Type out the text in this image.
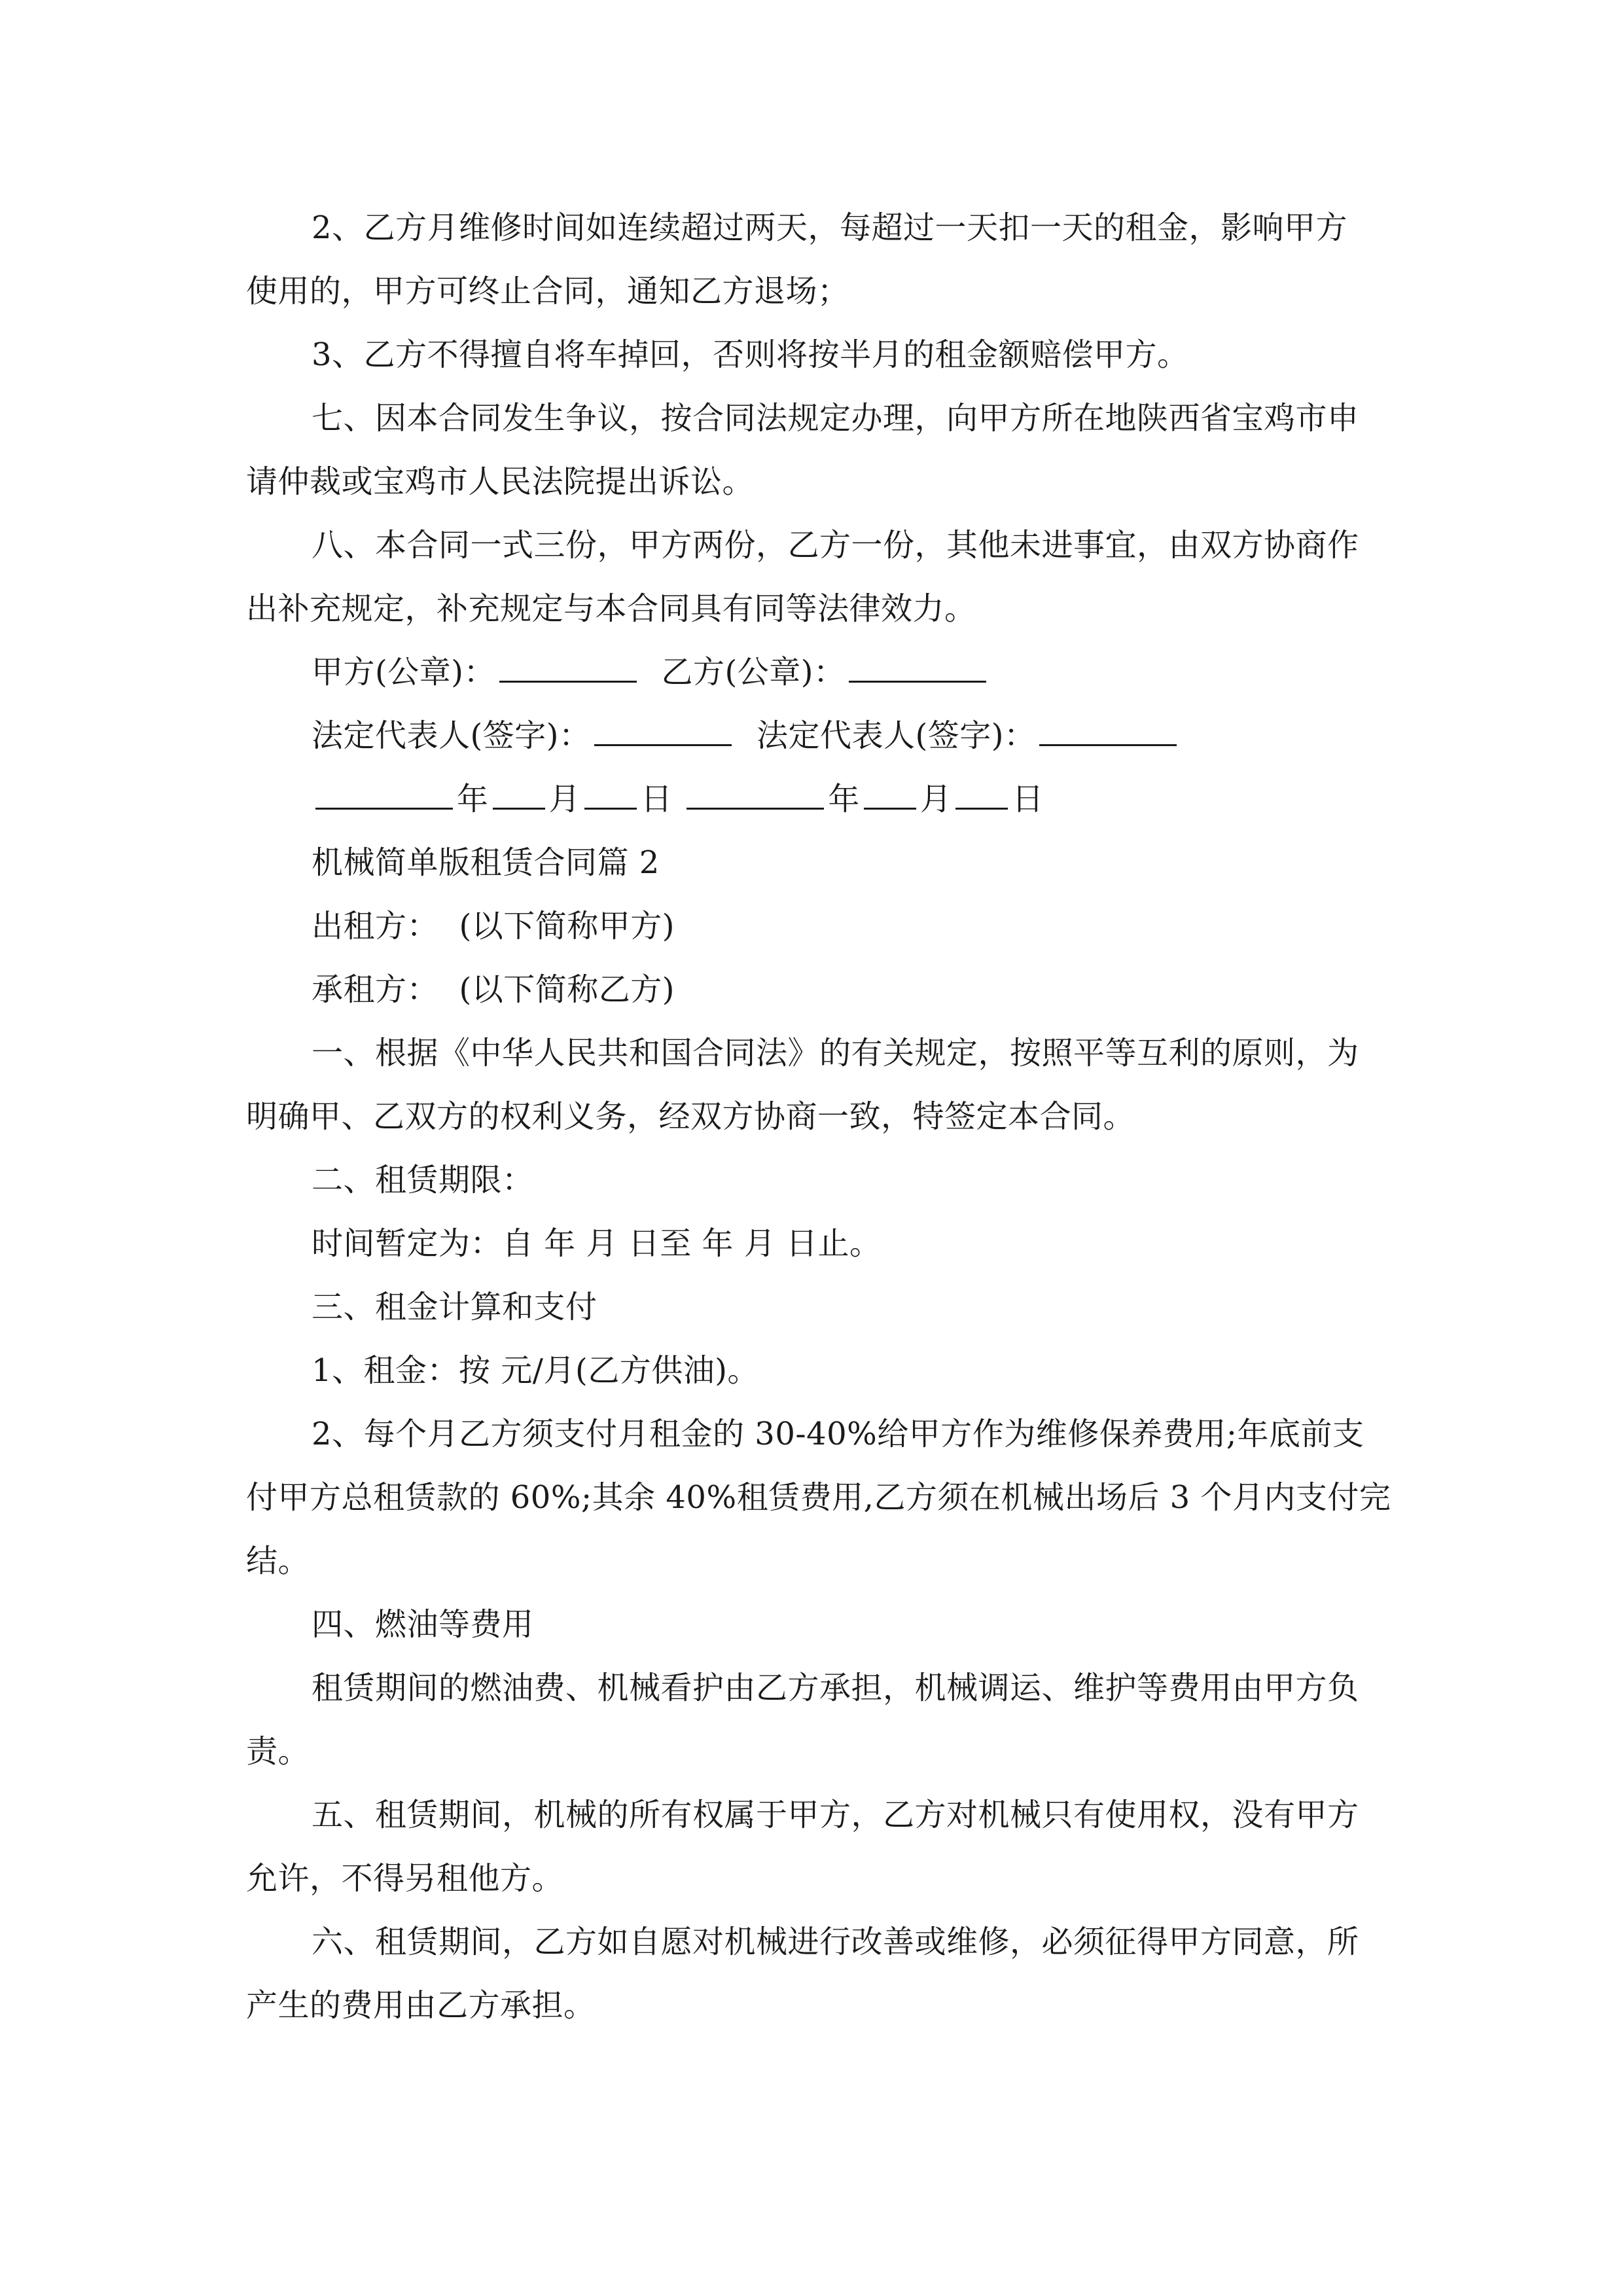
2、乙方月维修时间如连续超过两天，每超过一天扣一天的租金，影响甲方

使用的，甲方可终止合同，通知乙方退场；

3、乙方不得擅自将车掉回，否则将按半月的租金额赔偿甲方。

七、因本合同发生争议，按合同法规定办理，向甲方所在地陕西省宝鸡市申

请仲裁或宝鸡市人民法院提出诉讼。

八、本合同一式三份，甲方两份，乙方一份，其他未进事宜，由双方协商作

出补充规定，补充规定与本合同具有同等法律效力。

甲方(公章)：	乙方(公章)：

法定代表人(签字)：	法定代表人(签字)：

年 月 日	年 月 日

机械简单版租赁合同篇 2

出租方：  (以下简称甲方)

承租方：  (以下简称乙方)

一、根据《中华人民共和国合同法》的有关规定，按照平等互利的原则，为

明确甲、乙双方的权利义务，经双方协商一致，特签定本合同。

二、租赁期限：

时间暂定为：自 年 月 日至 年 月 日止。

三、租金计算和支付

1、租金：按 元/月(乙方供油)。

2、每个月乙方须支付月租金的 30-40%给甲方作为维修保养费用;年底前支

付甲方总租赁款的 60%;其余 40%租赁费用,乙方须在机械出场后 3 个月内支付完

结。

四、燃油等费用

租赁期间的燃油费、机械看护由乙方承担，机械调运、维护等费用由甲方负

责。

五、租赁期间，机械的所有权属于甲方，乙方对机械只有使用权，没有甲方

允许，不得另租他方。

六、租赁期间，乙方如自愿对机械进行改善或维修，必须征得甲方同意，所

产生的费用由乙方承担。
